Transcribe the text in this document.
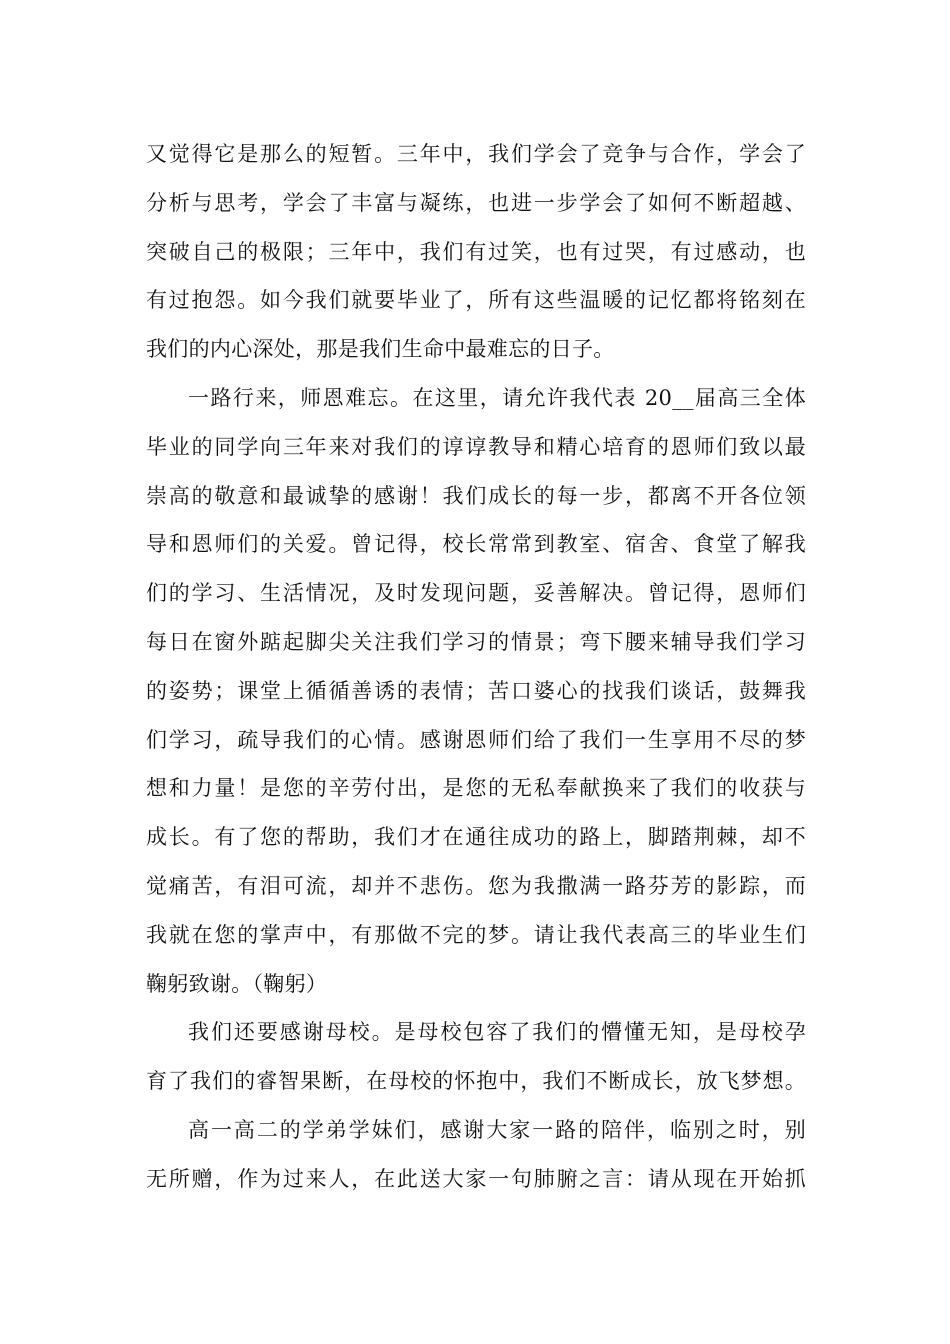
又觉得它是那么的短暂。三年中，我们学会了竞争与合作，学会了
分析与思考，学会了丰富与凝练，也进一步学会了如何不断超越、
突破自己的极限；三年中，我们有过笑，也有过哭，有过感动，也
有过抱怨。如今我们就要毕业了，所有这些温暖的记忆都将铭刻在
我们的内心深处，那是我们生命中最难忘的日子。
一路行来，师恩难忘。在这里，请允许我代表 20__届高三全体
毕业的同学向三年来对我们的谆谆教导和精心培育的恩师们致以最
崇高的敬意和最诚挚的感谢！我们成长的每一步，都离不开各位领
导和恩师们的关爱。曾记得，校长常常到教室、宿舍、食堂了解我
们的学习、生活情况，及时发现问题，妥善解决。曾记得，恩师们
每日在窗外踮起脚尖关注我们学习的情景；弯下腰来辅导我们学习
的姿势；课堂上循循善诱的表情；苦口婆心的找我们谈话，鼓舞我
们学习，疏导我们的心情。感谢恩师们给了我们一生享用不尽的梦
想和力量！是您的辛劳付出，是您的无私奉献换来了我们的收获与
成长。有了您的帮助，我们才在通往成功的路上，脚踏荆棘，却不
觉痛苦，有泪可流，却并不悲伤。您为我撒满一路芬芳的影踪，而
我就在您的掌声中，有那做不完的梦。请让我代表高三的毕业生们
鞠躬致谢。（鞠躬）
我们还要感谢母校。是母校包容了我们的懵懂无知，是母校孕
育了我们的睿智果断，在母校的怀抱中，我们不断成长，放飞梦想。
高一高二的学弟学妹们，感谢大家一路的陪伴，临别之时，别
无所赠，作为过来人，在此送大家一句肺腑之言：请从现在开始抓
